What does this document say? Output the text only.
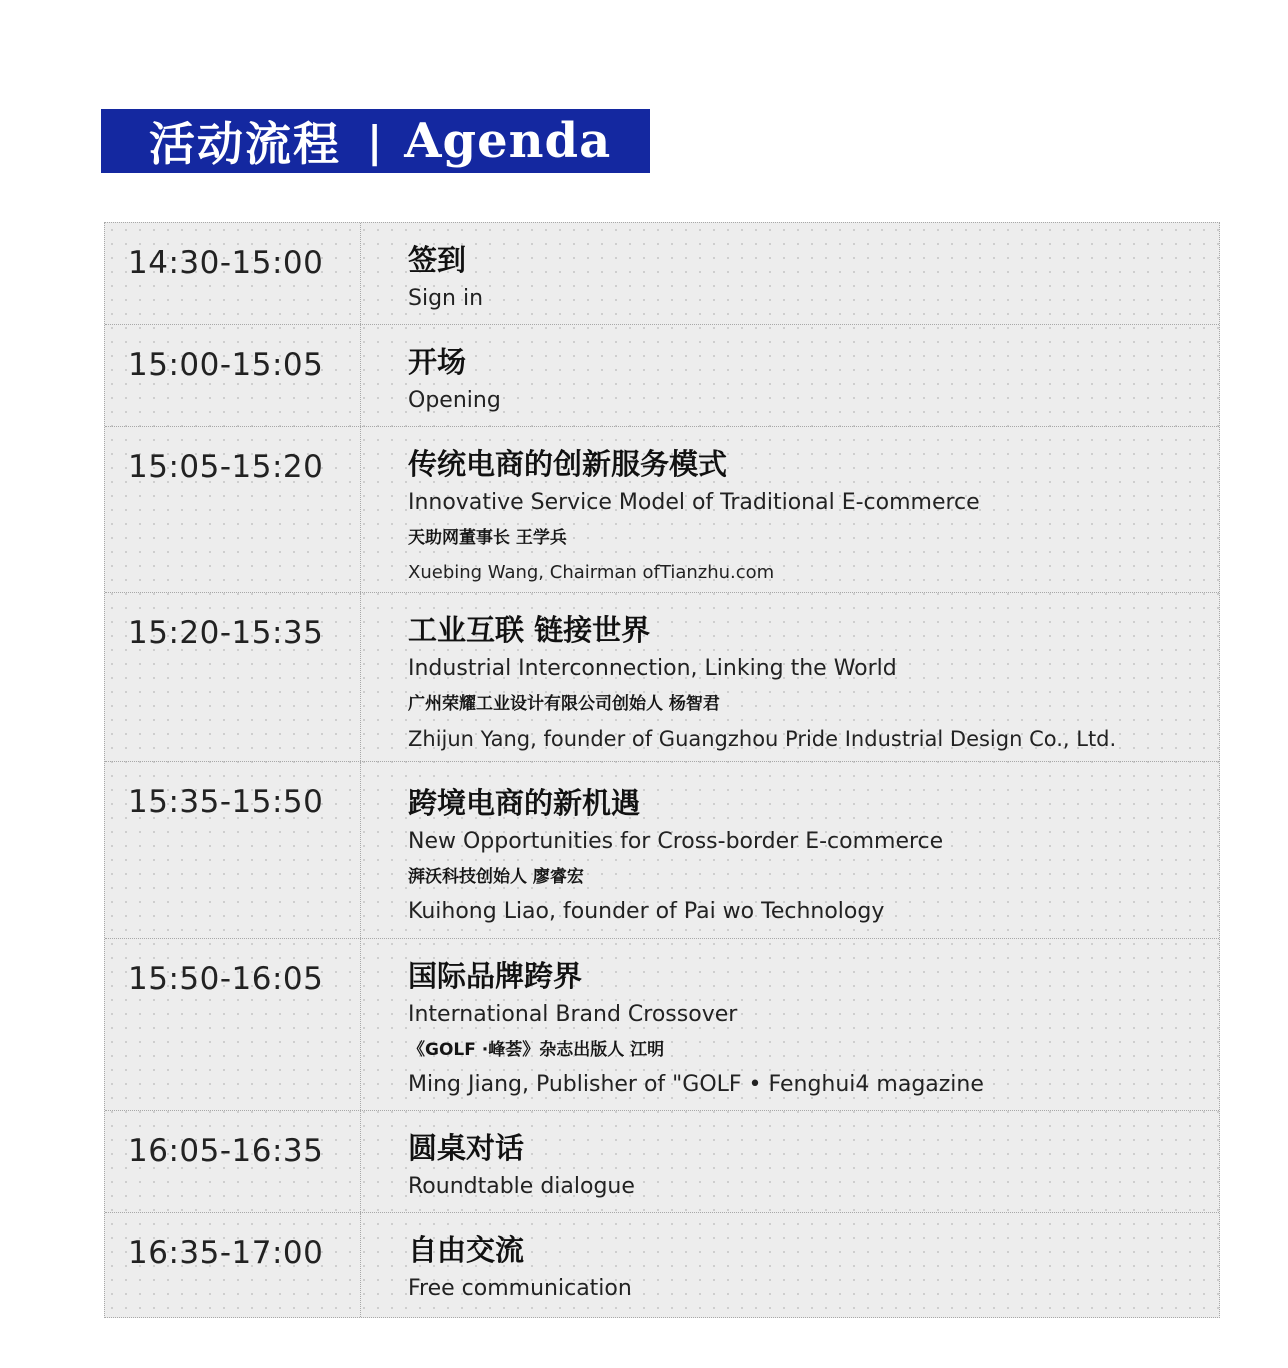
活动流程 | Agenda
14:30-15:00	签到
Sign in
15:00-15:05	开场
Opening
15:05-15:20	传统电商的创新服务模式
Innovative Service Model of Traditional E-commerce
天助网董事长 王学兵
Xuebing Wang, Chairman ofTianzhu.com
15:20-15:35	工业互联 链接世界
Industrial Interconnection, Linking the World
广州荣耀工业设计有限公司创始人 杨智君
Zhijun Yang, founder of Guangzhou Pride Industrial Design Co., Ltd.
15:35-15:50	跨境电商的新机遇
New Opportunities for Cross-border E-commerce
湃沃科技创始人 廖睿宏
Kuihong Liao, founder of Pai wo Technology
15:50-16:05	国际品牌跨界
International Brand Crossover
《GOLF ·峰荟》杂志出版人 江明
Ming Jiang, Publisher of "GOLF • Fenghui4 magazine
16:05-16:35	圆桌对话
Roundtable dialogue
16:35-17:00	自由交流
Free communication
